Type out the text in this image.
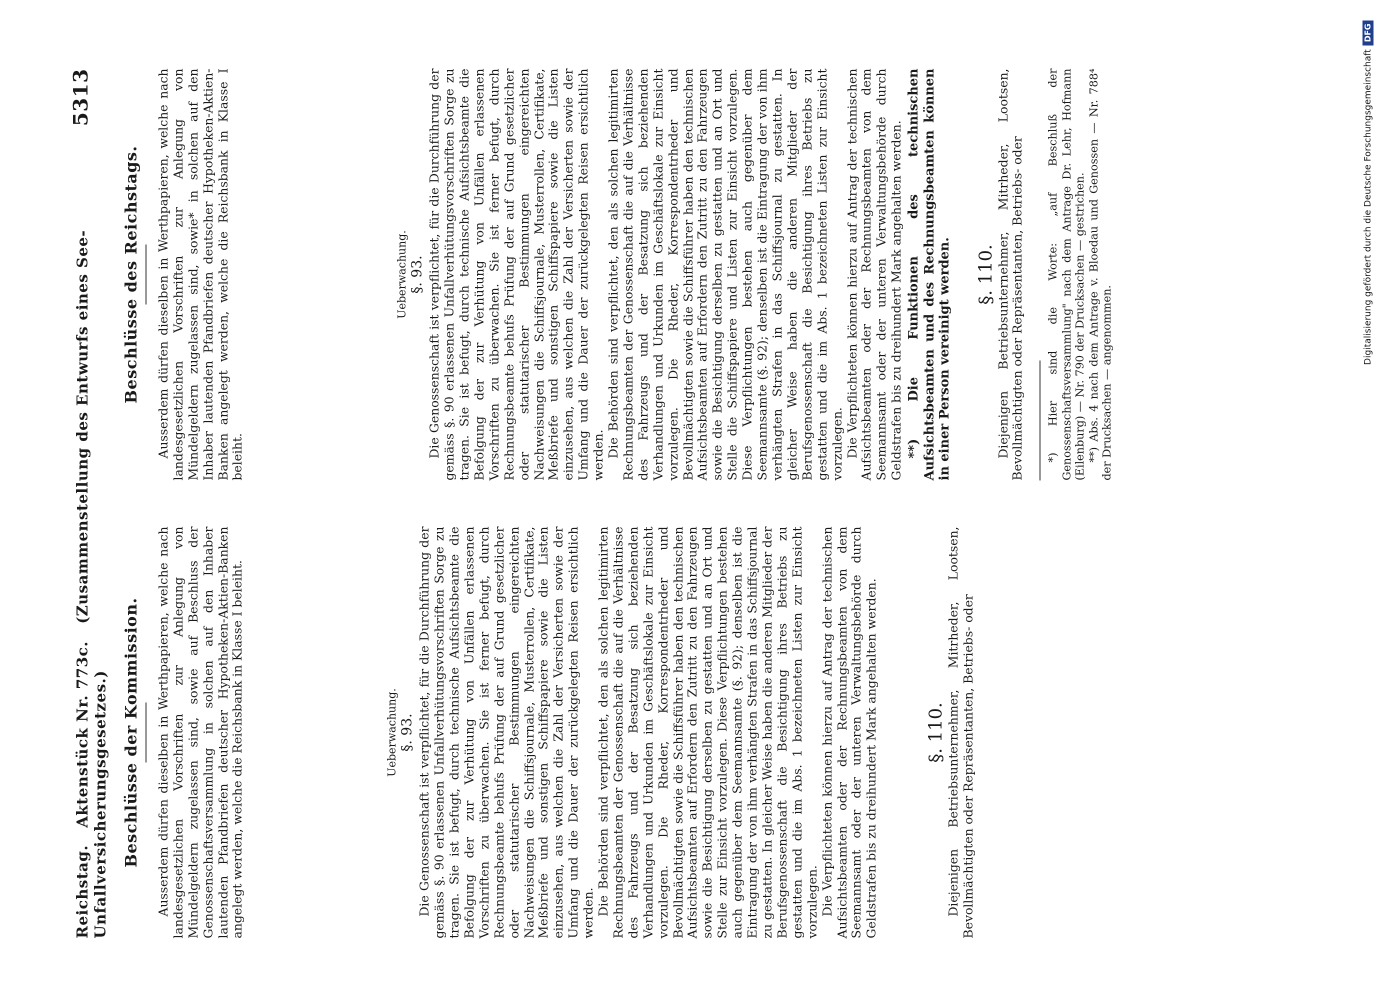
Reichstag.   Aktenstück Nr. 773c.   (Zusammenstellung des Entwurfs eines See-Unfallversicherungsgesetzes.)
5313
Beschlüsse der Kommission. Ausserdem dürfen dieselben in Werthpapieren, welche nach landesgesetzlichen Vorschriften zur Anlegung von Mündelgeldern zugelassen sind, sowie auf Beschluss der Genossenschaftsversammlung in solchen auf den Inhaber lautenden Pfandbriefen deutscher Hypotheken-Aktien-Banken angelegt werden, welche die Reichsbank in Klasse I beleiht.	Ueberwachung. §. 93. Die Genossenschaft ist verpflichtet, für die Durchführung der gemäss §. 90 erlassenen Unfallverhütungsvorschriften Sorge zu tragen. Sie ist befugt, durch technische Aufsichtsbeamte die Befolgung der zur Verhütung von Unfällen erlassenen Vorschriften zu überwachen. Sie ist ferner befugt, durch Rechnungsbeamte behufs Prüfung der auf Grund gesetzlicher oder statutarischer Bestimmungen eingereichten Nachweisungen die Schiffsjournale, Musterrollen, Certifikate, Meßbriefe und sonstigen Schiffspapiere sowie die Listen einzusehen, aus welchen die Zahl der Versicherten sowie der Umfang und die Dauer der zurückgelegten Reisen ersichtlich werden. Die Behörden sind verpflichtet, den als solchen legitimirten Rechnungsbeamten der Genossenschaft die auf die Verhältnisse des Fahrzeugs und der Besatzung sich beziehenden Verhandlungen und Urkunden im Geschäftslokale zur Einsicht vorzulegen. Die Rheder, Korrespondentrheder und Bevollmächtigten sowie die Schiffsführer haben den technischen Aufsichtsbeamten auf Erfordern den Zutritt zu den Fahrzeugen sowie die Besichtigung derselben zu gestatten und an Ort und Stelle zur Einsicht vorzulegen. Diese Verpflichtungen bestehen auch gegenüber dem Seemannsamte (§. 92); denselben ist die Eintragung der von ihm verhängten Strafen in das Schiffsjournal zu gestatten. In gleicher Weise haben die anderen Mitglieder der Berufsgenossenschaft die Besichtigung ihres Betriebs zu gestatten und die im Abs. 1 bezeichneten Listen zur Einsicht vorzulegen. Die Verpflichteten können hierzu auf Antrag der technischen Aufsichtsbeamten oder der Rechnungsbeamten von dem Seemannsamt oder der unteren Verwaltungsbehörde durch Geldstrafen bis zu dreihundert Mark angehalten werden.	§. 110.

Diejenigen Betriebsunternehmer, Mitrheder, Lootsen, Bevollmächtigten oder Repräsentanten, Betriebs- oder

Beschlüsse des Reichstags. Ausserdem dürfen dieselben in Werthpapieren, welche nach landesgesetzlichen Vorschriften zur Anlegung von Mündelgeldern zugelassen sind, sowie* in solchen auf den Inhaber lautenden Pfandbriefen deutscher Hypotheken-Aktien-Banken angelegt werden, welche die Reichsbank in Klasse I beleiht.

Ueberwachung. §. 93. Die Genossenschaft ist verpflichtet, für die Durchführung der gemäss §. 90 erlassenen Unfallverhütungsvorschriften Sorge zu tragen. Sie ist befugt, durch technische Aufsichtsbeamte die Befolgung der zur Verhütung von Unfällen erlassenen Vorschriften zu überwachen. Sie ist ferner befugt, durch Rechnungsbeamte behufs Prüfung der auf Grund gesetzlicher oder statutarischer Bestimmungen eingereichten Nachweisungen die Schiffsjournale, Musterrollen, Certifikate, Meßbriefe und sonstigen Schiffspapiere sowie die Listen einzusehen, aus welchen die Zahl der Versicherten sowie der Umfang und die Dauer der zurückgelegten Reisen ersichtlich werden. Die Behörden sind verpflichtet, den als solchen legitimirten Rechnungsbeamten der Genossenschaft die auf die Verhältnisse des Fahrzeugs und der Besatzung sich beziehenden Verhandlungen und Urkunden im Geschäftslokale zur Einsicht vorzulegen. Die Rheder, Korrespondentrheder und Bevollmächtigten sowie die Schiffsführer haben den technischen Aufsichtsbeamten auf Erfordern den Zutritt zu den Fahrzeugen sowie die Besichtigung derselben zu gestatten und an Ort und Stelle die Schiffspapiere und Listen zur Einsicht vorzulegen. Diese Verpflichtungen bestehen auch gegenüber dem Seemannsamte (§. 92); denselben ist die Eintragung der von ihm verhängten Strafen in das Schiffsjournal zu gestatten. In gleicher Weise haben die anderen Mitglieder der Berufsgenossenschaft die Besichtigung ihres Betriebs zu gestatten und die im Abs. 1 bezeichneten Listen zur Einsicht vorzulegen. Die Verpflichteten können hierzu auf Antrag der technischen Aufsichtsbeamten oder der Rechnungsbeamten von dem Seemannsamt oder der unteren Verwaltungsbehörde durch Geldstrafen bis zu dreihundert Mark angehalten werden. **) Die Funktionen des technischen Aufsichtsbeamten und des Rechnungsbeamten können in einer Person vereinigt werden. §. 110.

Diejenigen Betriebsunternehmer, Mitrheder, Lootsen, Bevollmächtigten oder Repräsentanten, Betriebs- oder *) Hier sind die Worte: „auf Beschluß der Genossenschaftsversammlung" nach dem Antrage Dr. Lehr, Hofmann (Eilenburg) — Nr. 790 der Drucksachen — gestrichen. **) Abs. 4 nach dem Antrage v. Bloedau und Genossen — Nr. 788⁴ der Drucksachen — angenommen.

Digitalisierung gefördert durch die Deutsche Forschungsgemeinschaft
DFG
